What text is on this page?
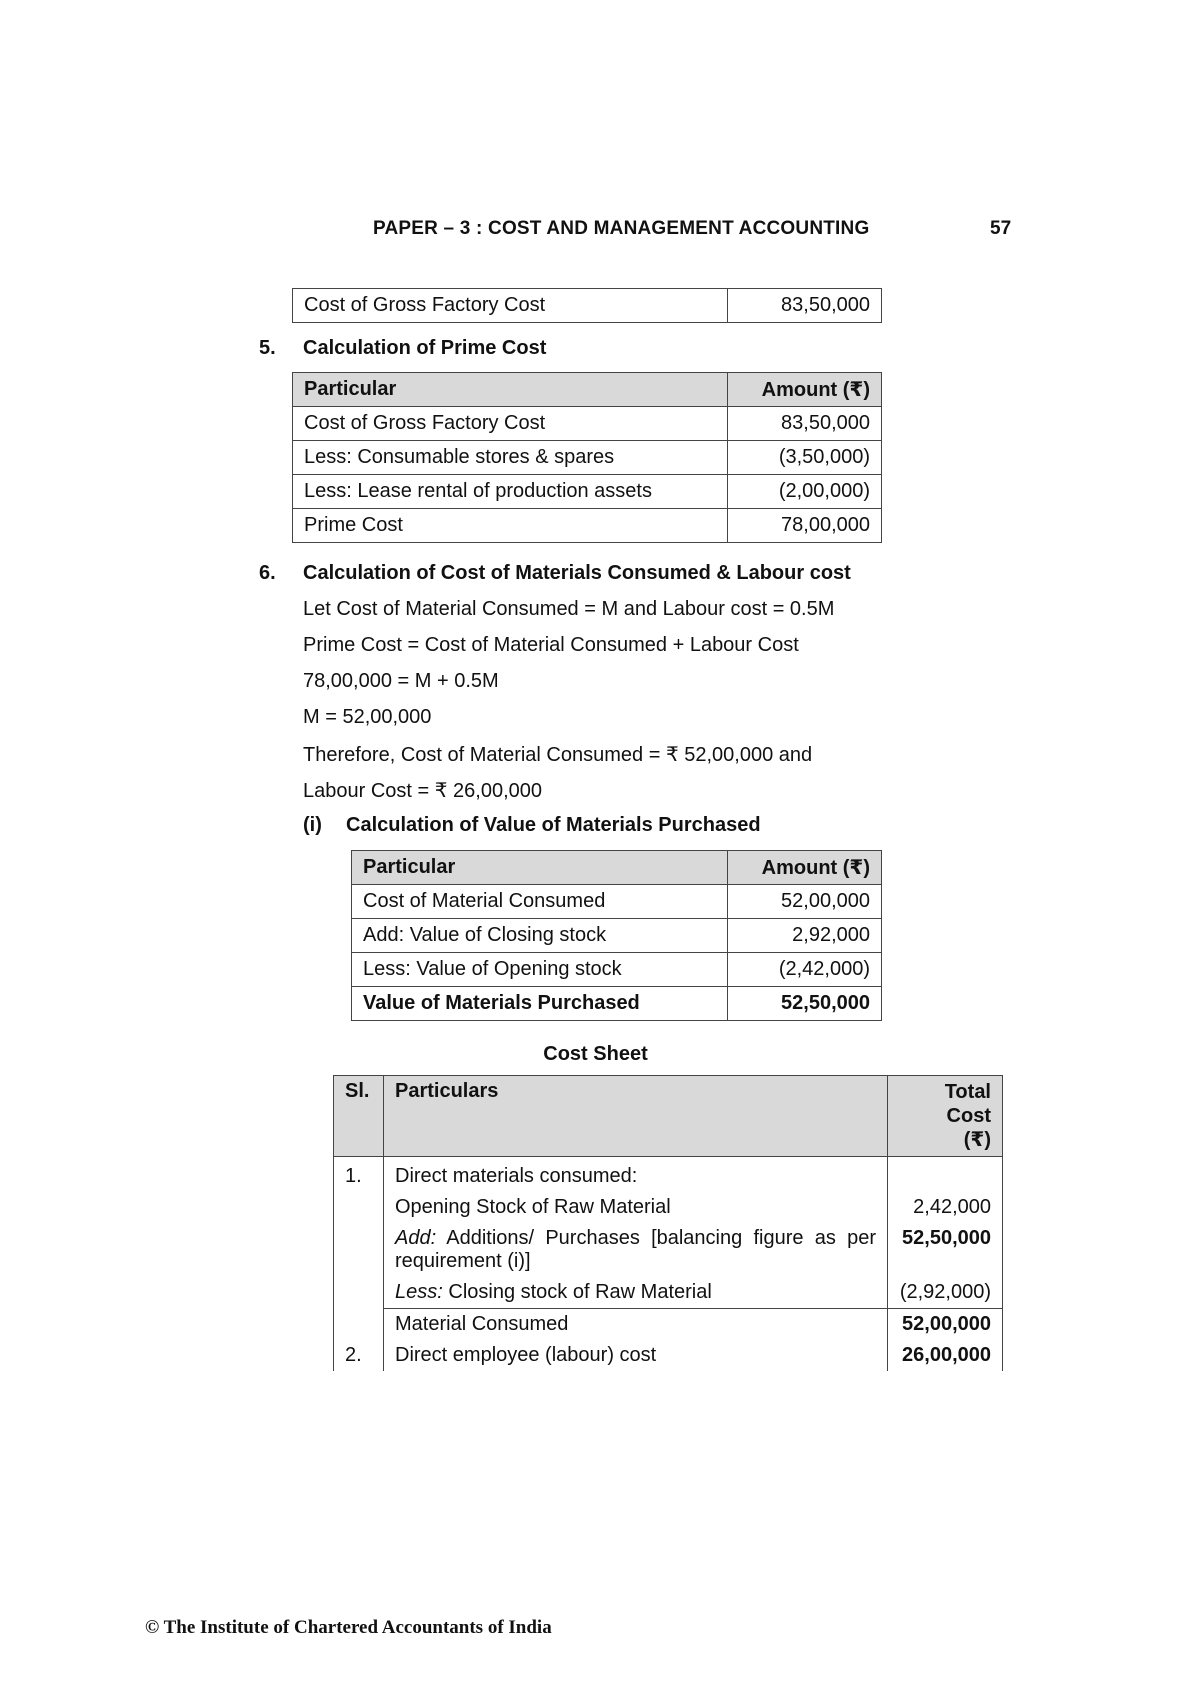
PAPER – 3 : COST AND MANAGEMENT ACCOUNTING	57
Cost of Gross Factory Cost	83,50,000
5. Calculation of Prime Cost
Particular	Amount (₹)
Cost of Gross Factory Cost	83,50,000
Less: Consumable stores & spares	(3,50,000)
Less: Lease rental of production assets	(2,00,000)
Prime Cost	78,00,000
6. Calculation of Cost of Materials Consumed & Labour cost
Let Cost of Material Consumed = M and Labour cost = 0.5M
Prime Cost = Cost of Material Consumed + Labour Cost
78,00,000 = M + 0.5M
M = 52,00,000
Therefore, Cost of Material Consumed = ₹ 52,00,000 and
Labour Cost = ₹ 26,00,000
(i) Calculation of Value of Materials Purchased
Particular	Amount (₹)
Cost of Material Consumed	52,00,000
Add: Value of Closing stock	2,92,000
Less: Value of Opening stock	(2,42,000)
Value of Materials Purchased	52,50,000
Cost Sheet
Sl.	Particulars	Total Cost
(₹)

1.	Direct materials consumed:	
	Opening Stock of Raw Material	2,42,000
	Add: Additions/ Purchases [balancing figure as per requirement (i)]	52,50,000
	Less: Closing stock of Raw Material	(2,92,000)
	Material Consumed	52,00,000
2.	Direct employee (labour) cost	26,00,000
© The Institute of Chartered Accountants of India
